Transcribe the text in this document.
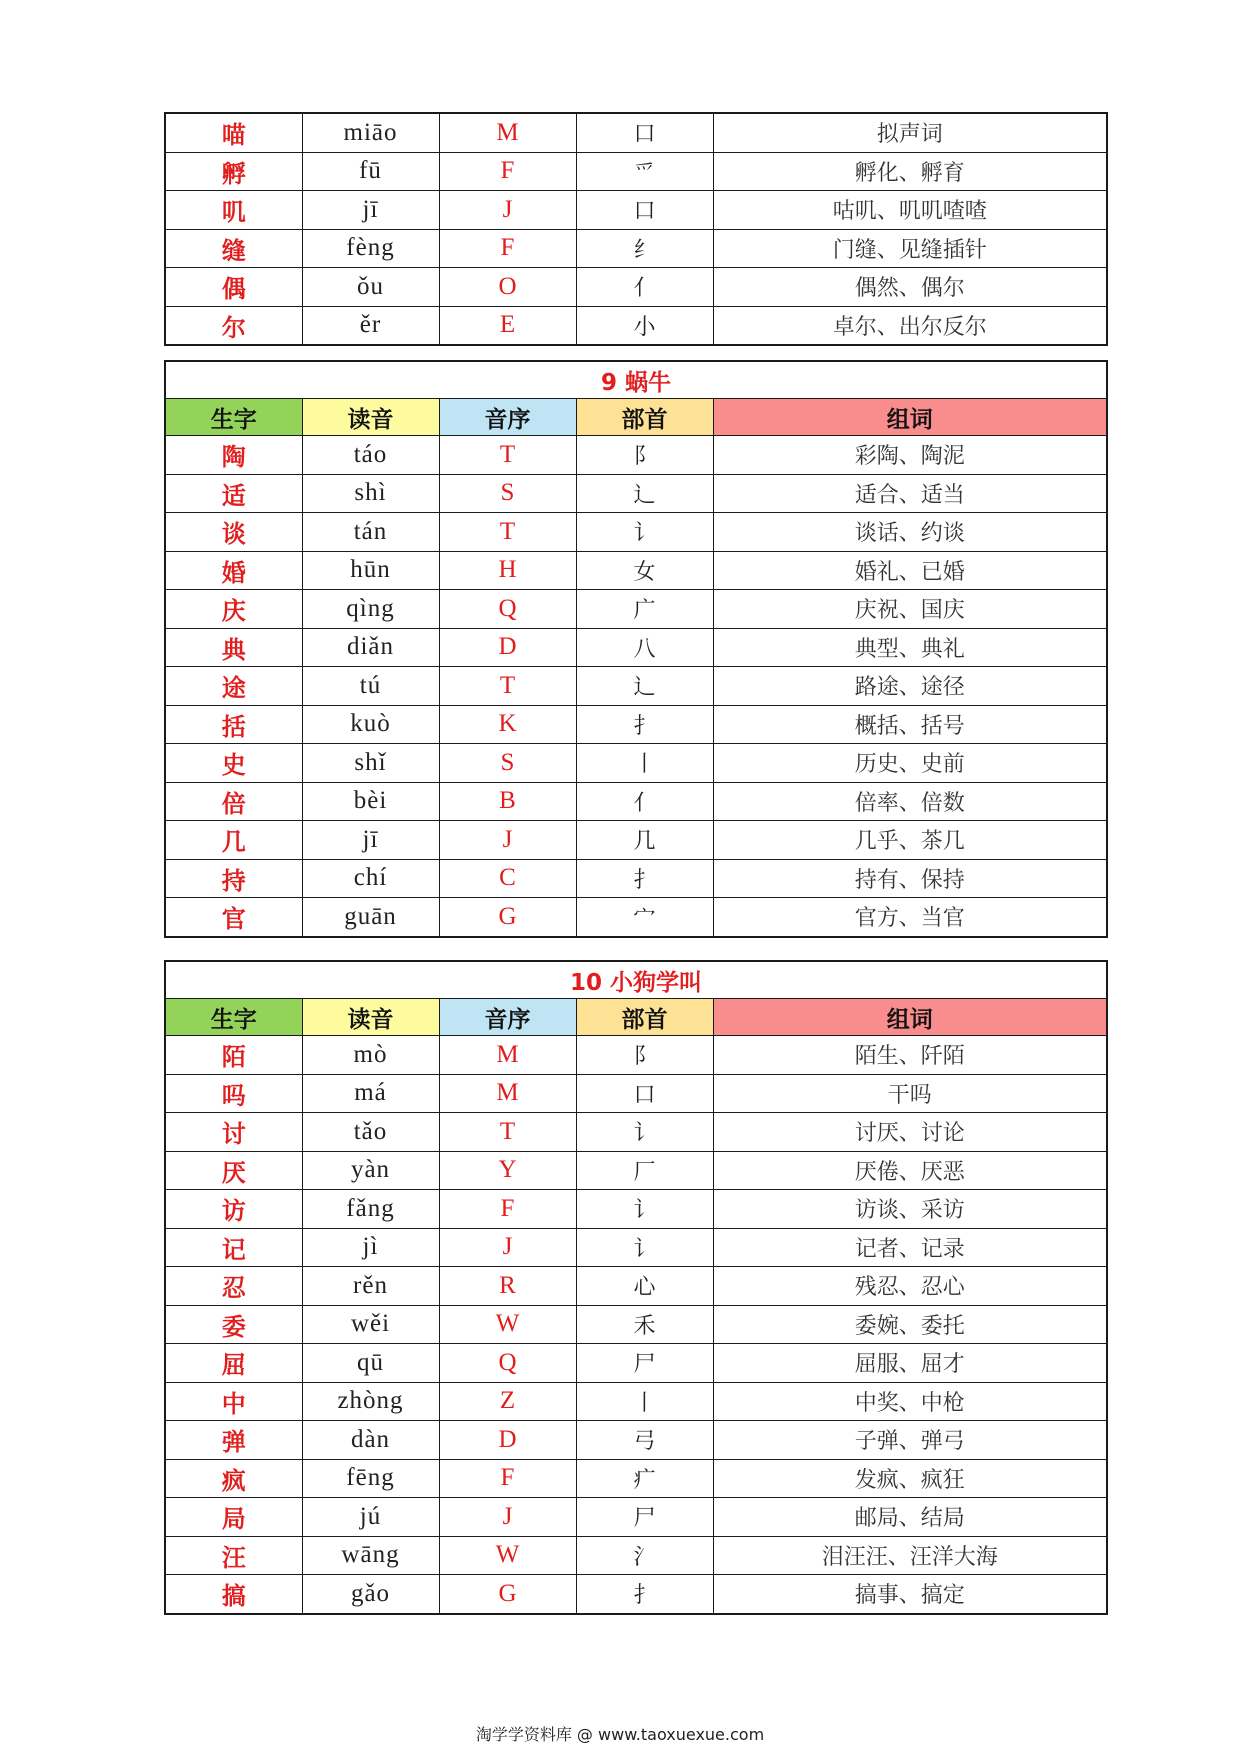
喵	miāo	M	口	拟声词
孵	fū	F	爫	孵化、孵育
叽	jī	J	口	咕叽、叽叽喳喳
缝	fèng	F	纟	门缝、见缝插针
偶	ǒu	O	亻	偶然、偶尔
尔	ěr	E	小	卓尔、出尔反尔
9 蜗牛				
生字	读音	音序	部首	组词
陶	táo	T	阝	彩陶、陶泥
适	shì	S	辶	适合、适当
谈	tán	T	讠	谈话、约谈
婚	hūn	H	女	婚礼、已婚
庆	qìng	Q	广	庆祝、国庆
典	diǎn	D	八	典型、典礼
途	tú	T	辶	路途、途径
括	kuò	K	扌	概括、括号
史	shǐ	S	丨	历史、史前
倍	bèi	B	亻	倍率、倍数
几	jī	J	几	几乎、茶几
持	chí	C	扌	持有、保持
官	guān	G	宀	官方、当官
10 小狗学叫				
生字	读音	音序	部首	组词
陌	mò	M	阝	陌生、阡陌
吗	má	M	口	干吗
讨	tǎo	T	讠	讨厌、讨论
厌	yàn	Y	厂	厌倦、厌恶
访	fǎng	F	讠	访谈、采访
记	jì	J	讠	记者、记录
忍	rěn	R	心	残忍、忍心
委	wěi	W	禾	委婉、委托
屈	qū	Q	尸	屈服、屈才
中	zhòng	Z	丨	中奖、中枪
弹	dàn	D	弓	子弹、弹弓
疯	fēng	F	疒	发疯、疯狂
局	jú	J	尸	邮局、结局
汪	wāng	W	氵	泪汪汪、汪洋大海
搞	gǎo	G	扌	搞事、搞定
淘学学资料库 @ www.taoxuexue.com
